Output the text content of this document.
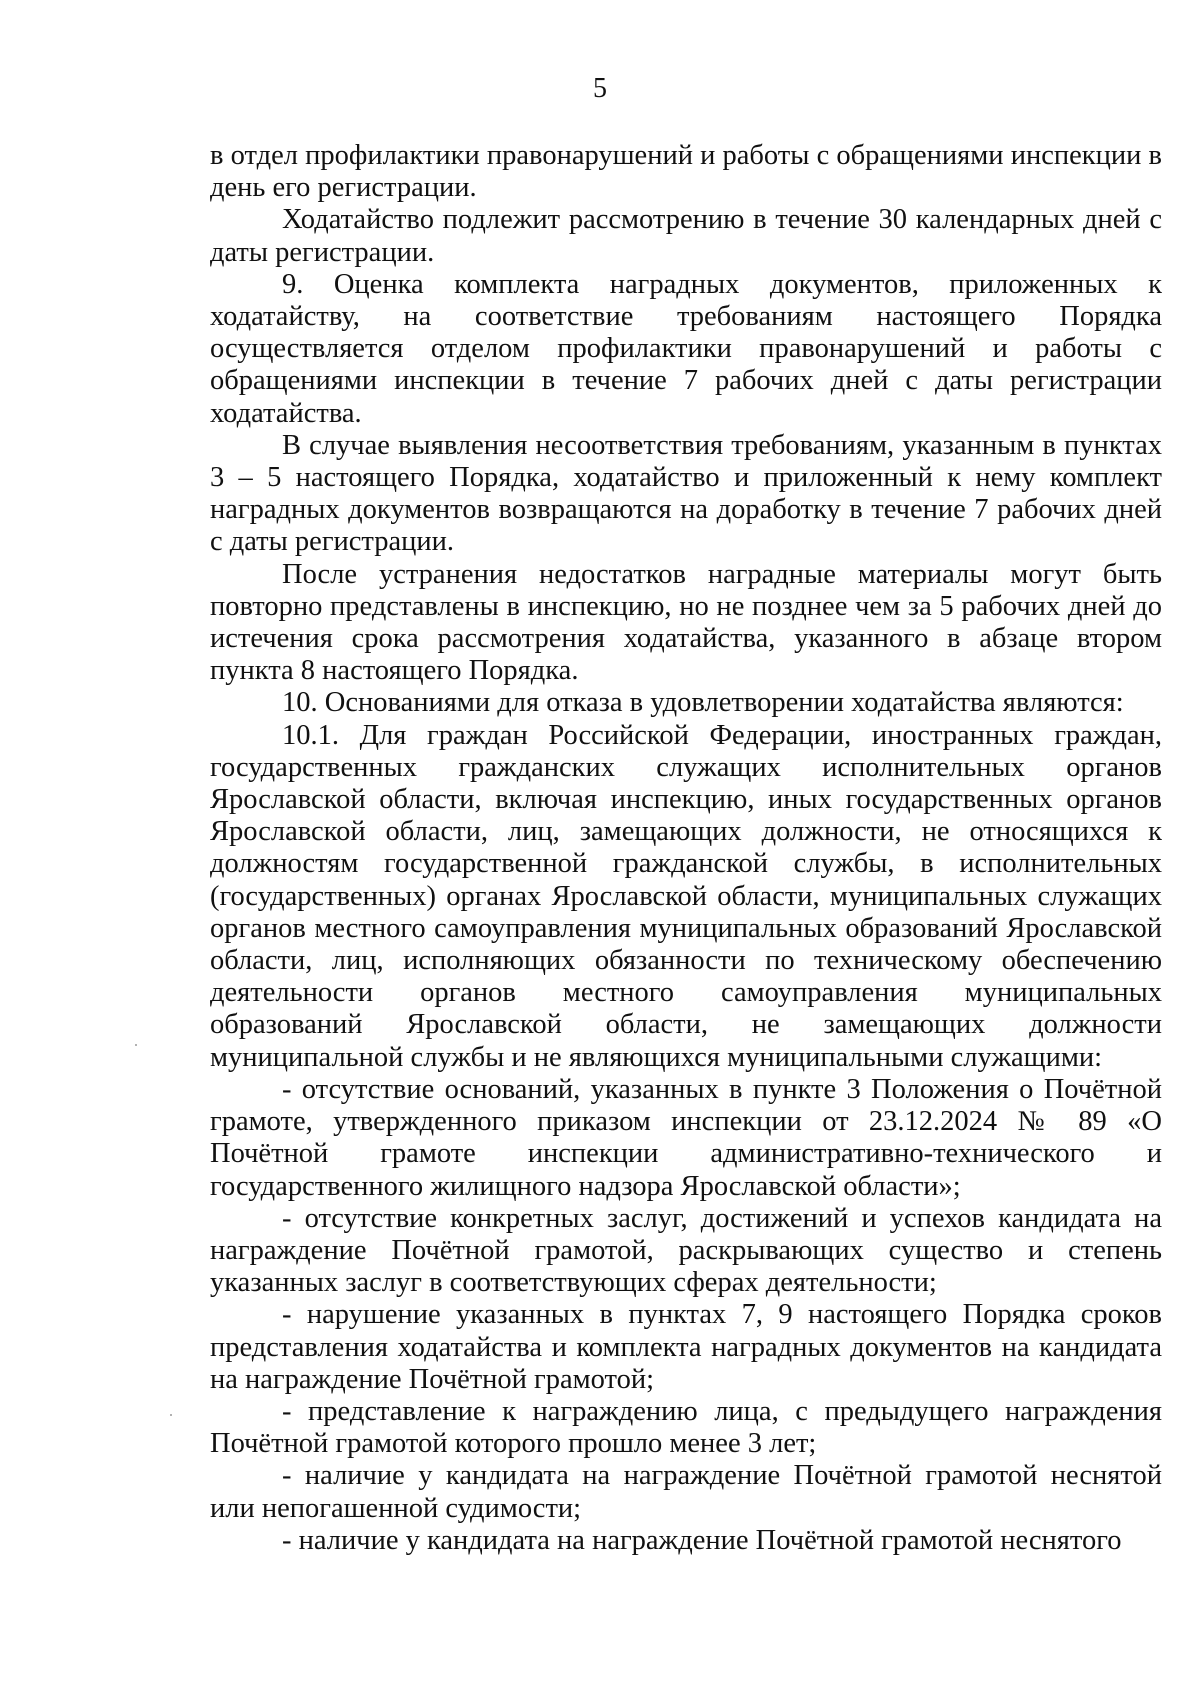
5

в отдел профилактики правонарушений и работы с обращениями инспекции в день его регистрации.

Ходатайство подлежит рассмотрению в течение 30 календарных дней с даты регистрации.

9. Оценка комплекта наградных документов, приложенных к ходатайству, на соответствие требованиям настоящего Порядка осуществляется отделом профилактики правонарушений и работы с обращениями инспекции в течение 7 рабочих дней с даты регистрации ходатайства.

В случае выявления несоответствия требованиям, указанным в пунктах 3 – 5 настоящего Порядка, ходатайство и приложенный к нему комплект наградных документов возвращаются на доработку в течение 7 рабочих дней с даты регистрации.

После устранения недостатков наградные материалы могут быть повторно представлены в инспекцию, но не позднее чем за 5 рабочих дней до истечения срока рассмотрения ходатайства, указанного в абзаце втором пункта 8 настоящего Порядка.

10. Основаниями для отказа в удовлетворении ходатайства являются:

10.1. Для граждан Российской Федерации, иностранных граждан, государственных гражданских служащих исполнительных органов Ярославской области, включая инспекцию, иных государственных органов Ярославской области, лиц, замещающих должности, не относящихся к должностям государственной гражданской службы, в исполнительных (государственных) органах Ярославской области, муниципальных служащих органов местного самоуправления муниципальных образований Ярославской области, лиц, исполняющих обязанности по техническому обеспечению деятельности органов местного самоуправления муниципальных образований Ярославской области, не замещающих должности муниципальной службы и не являющихся муниципальными служащими:

- отсутствие оснований, указанных в пункте 3 Положения о Почётной грамоте, утвержденного приказом инспекции от 23.12.2024 № 89 «О Почётной грамоте инспекции административно-технического и государственного жилищного надзора Ярославской области»;

- отсутствие конкретных заслуг, достижений и успехов кандидата на награждение Почётной грамотой, раскрывающих существо и степень указанных заслуг в соответствующих сферах деятельности;

- нарушение указанных в пунктах 7, 9 настоящего Порядка сроков представления ходатайства и комплекта наградных документов на кандидата на награждение Почётной грамотой;

- представление к награждению лица, с предыдущего награждения Почётной грамотой которого прошло менее 3 лет;

- наличие у кандидата на награждение Почётной грамотой неснятой или непогашенной судимости;

- наличие у кандидата на награждение Почётной грамотой неснятого
